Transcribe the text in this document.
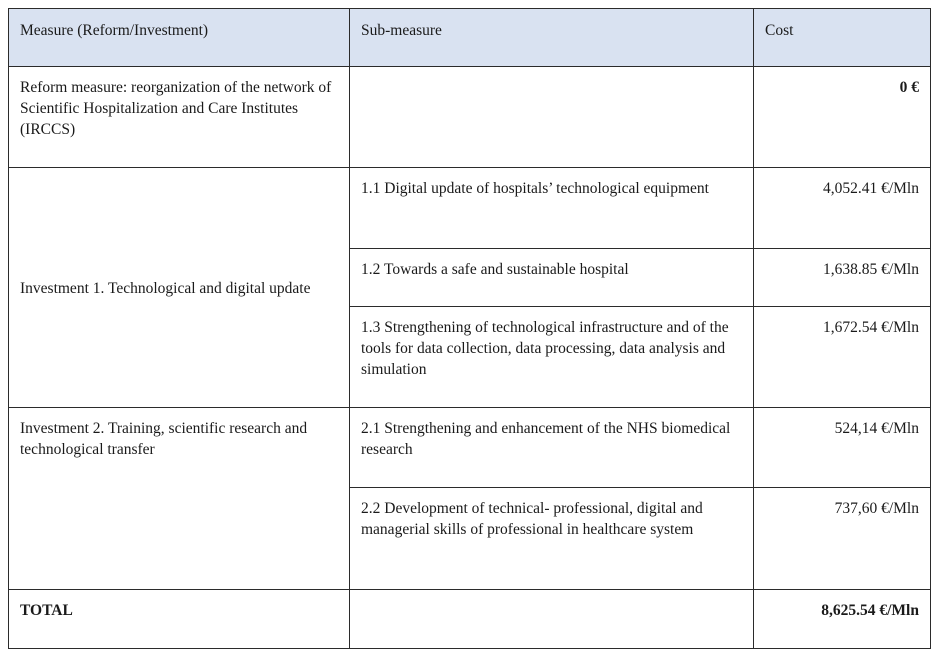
Measure (Reform/Investment)	Sub-measure	Cost
Reform measure: reorganization of the network of Scientific Hospitalization and Care Institutes (IRCCS)		0 €
Investment 1. Technological and digital update	1.1 Digital update of hospitals’ technological equipment	4,052.41 €/Mln
	1.2 Towards a safe and sustainable hospital	1,638.85 €/Mln
	1.3 Strengthening of technological infrastructure and of the tools for data collection, data processing, data analysis and simulation	1,672.54 €/Mln
Investment 2. Training, scientific research and technological transfer	2.1 Strengthening and enhancement of the NHS biomedical research	524,14 €/Mln
	2.2 Development of technical- professional, digital and managerial skills of professional in healthcare system	737,60 €/Mln
TOTAL		8,625.54 €/Mln
